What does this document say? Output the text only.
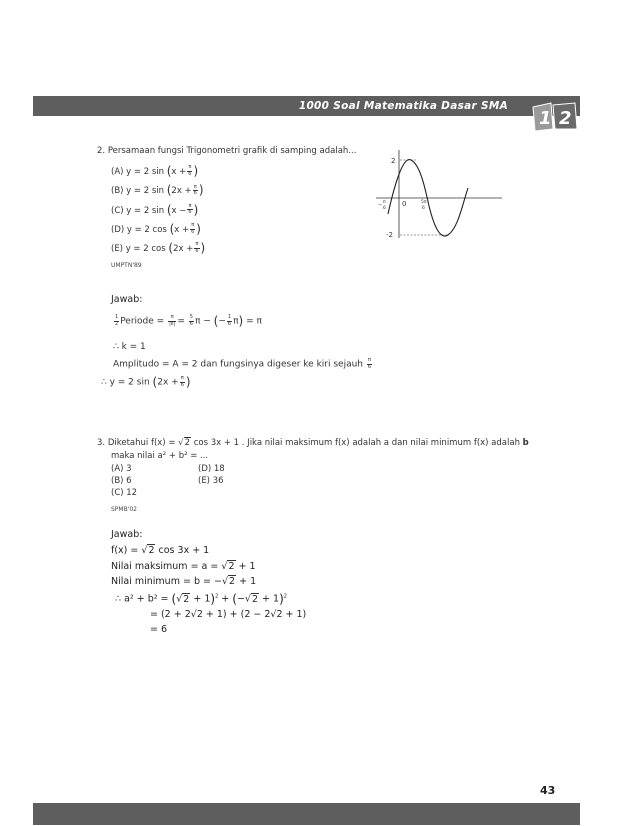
1000 Soal Matematika Dasar SMA
1 2
2. Persamaan fungsi Trigonometri grafik di samping adalah...
(A) y = 2 $\sin (x + \frac{\pi}{6}$ )
(B) y = 2 $\sin (2x + \frac{\pi}{6}$ )
(C) y = 2 $\sin (x - \frac{\pi}{6}$ )
(D) y = 2 $\cos (x + \frac{\pi}{6}$ )
(E) y = 2 $\cos (2x + \frac{\pi}{6}$ )
UMPTN'89
2
-2
0
− π
6
5π
6
Jawab:
$\frac{1}{2}$ Periode = $\frac{\pi}{|k|} = \frac{5}{6}$ π − (− $\frac{1}{6} \pi) = \pi$
∴ k = 1
Amplitudo = A = 2 dan fungsinya digeser ke kiri sejauh $\frac{\pi}{6}$
∴ y = 2 $\sin (2x + \frac{\pi}{6}$ )
3. Diketahui f(x) = √2 cos 3x + 1 . Jika nilai maksimum f(x) adalah a dan nilai minimum f(x) adalah b
maka nilai a² + b² = ...
(A) 3	(D) 18
(B) 6	(E) 36
(C) 12
SPMB'02
Jawab:
f(x) = √2 cos 3x + 1
Nilai maksimum = a = √2 + 1
Nilai minimum = b = −√2 + 1
∴ $a^2 + b^2 = (√2 + 1)^2 + (-√2 + 1)^2$
= (2 + 2√2 + 1) + (2 − 2√2 + 1)
= 6
43
